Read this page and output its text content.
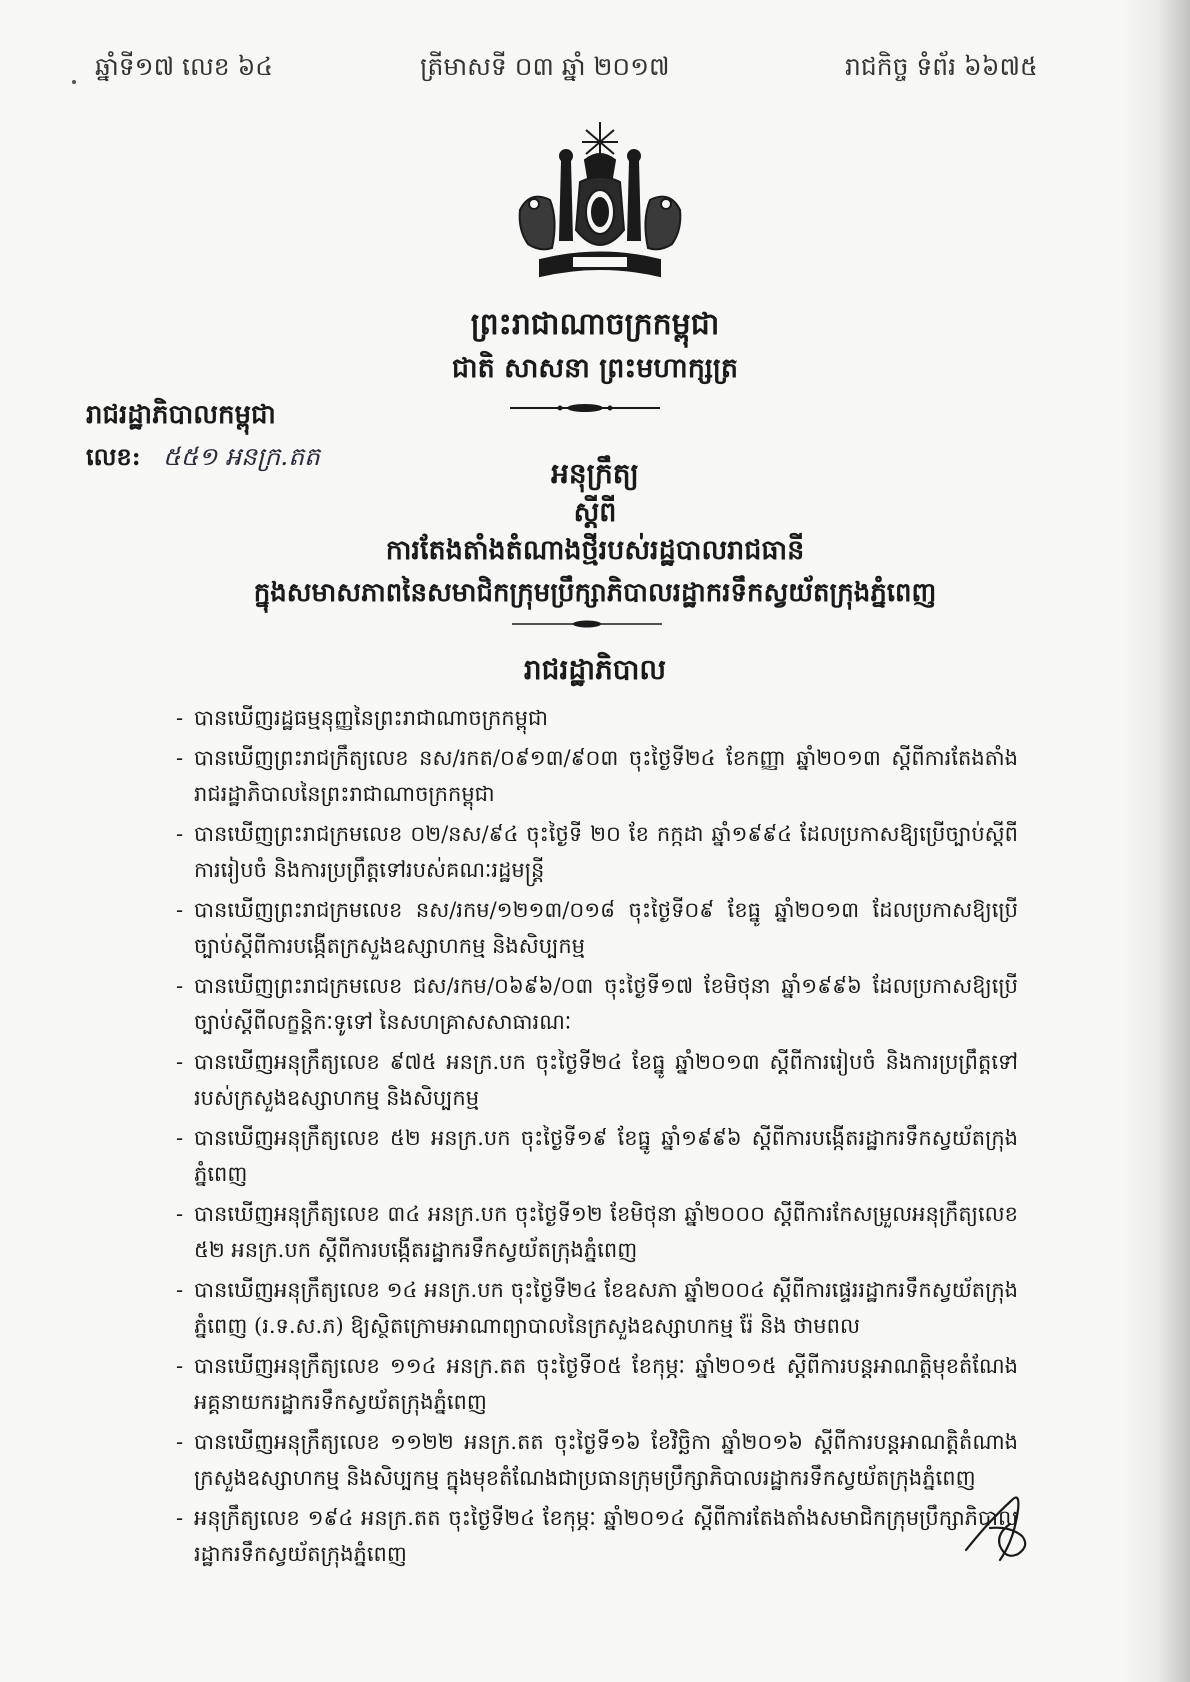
ឆ្នាំទី១៧ លេខ ៦៤	ត្រីមាសទី ០៣ ឆ្នាំ ២០១៧	រាជកិច្ច ទំព័រ ៦៦៧៥
ព្រះរាជាណាចក្រកម្ពុជា
ជាតិ សាសនា ព្រះមហាក្សត្រ
រាជរដ្ឋាភិបាលកម្ពុជា
លេខ: ៥៥១ អនក្រ.តត
អនុក្រឹត្យ
ស្តីពី
ការតែងតាំងតំណាងថ្មីរបស់រដ្ឋបាលរាជធានី
ក្នុងសមាសភាពនៃសមាជិកក្រុមប្រឹក្សាភិបាលរដ្ឋាករទឹកស្វយ័តក្រុងភ្នំពេញ
រាជរដ្ឋាភិបាល
- បានឃើញរដ្ឋធម្មនុញ្ញនៃព្រះរាជាណាចក្រកម្ពុជា
- បានឃើញព្រះរាជក្រឹត្យលេខ នស/រកត/០៩១៣/៩០៣ ចុះថ្ងៃទី២៤ ខែកញ្ញា ឆ្នាំ២០១៣ ស្តីពីការតែងតាំងរាជរដ្ឋាភិបាលនៃព្រះរាជាណាចក្រកម្ពុជា
- បានឃើញព្រះរាជក្រមលេខ ០២/នស/៩៤ ចុះថ្ងៃទី ២០ ខែ កក្កដា ឆ្នាំ១៩៩៤ ដែលប្រកាសឱ្យប្រើច្បាប់ស្តីពីការរៀបចំ និងការប្រព្រឹត្តទៅរបស់គណៈរដ្ឋមន្ត្រី
- បានឃើញព្រះរាជក្រមលេខ នស/រកម/១២១៣/០១៨ ចុះថ្ងៃទី០៩ ខែធ្នូ ឆ្នាំ២០១៣ ដែលប្រកាសឱ្យប្រើច្បាប់ស្តីពីការបង្កើតក្រសួងឧស្សាហកម្ម និងសិប្បកម្ម
- បានឃើញព្រះរាជក្រមលេខ ជស/រកម/០៦៩៦/០៣ ចុះថ្ងៃទី១៧ ខែមិថុនា ឆ្នាំ១៩៩៦ ដែលប្រកាសឱ្យប្រើច្បាប់ស្តីពីលក្ខន្តិកៈទូទៅ នៃសហគ្រាសសាធារណៈ
- បានឃើញអនុក្រឹត្យលេខ ៩៧៥ អនក្រ.បក ចុះថ្ងៃទី២៤ ខែធ្នូ ឆ្នាំ២០១៣ ស្តីពីការរៀបចំ និងការប្រព្រឹត្តទៅរបស់ក្រសួងឧស្សាហកម្ម និងសិប្បកម្ម
- បានឃើញអនុក្រឹត្យលេខ ៥២ អនក្រ.បក ចុះថ្ងៃទី១៩ ខែធ្នូ ឆ្នាំ១៩៩៦ ស្តីពីការបង្កើតរដ្ឋាករទឹកស្វយ័តក្រុងភ្នំពេញ
- បានឃើញអនុក្រឹត្យលេខ ៣៤ អនក្រ.បក ចុះថ្ងៃទី១២ ខែមិថុនា ឆ្នាំ២០០០ ស្តីពីការកែសម្រួលអនុក្រឹត្យលេខ ៥២ អនក្រ.បក ស្តីពីការបង្កើតរដ្ឋាករទឹកស្វយ័តក្រុងភ្នំពេញ
- បានឃើញអនុក្រឹត្យលេខ ១៤ អនក្រ.បក ចុះថ្ងៃទី២៤ ខែឧសភា ឆ្នាំ២០០៤ ស្តីពីការផ្ទេររដ្ឋាករទឹកស្វយ័តក្រុងភ្នំពេញ (រ.ទ.ស.ភ) ឱ្យស្ថិតក្រោមអាណាព្យាបាលនៃក្រសួងឧស្សាហកម្ម រ៉ែ និង ថាមពល
- បានឃើញអនុក្រឹត្យលេខ ១១៤ អនក្រ.តត ចុះថ្ងៃទី០៥ ខែកុម្ភៈ ឆ្នាំ២០១៥ ស្តីពីការបន្តអាណត្តិមុខតំណែងអគ្គនាយករដ្ឋាករទឹកស្វយ័តក្រុងភ្នំពេញ
- បានឃើញអនុក្រឹត្យលេខ ១១២២ អនក្រ.តត ចុះថ្ងៃទី១៦ ខែវិច្ឆិកា ឆ្នាំ២០១៦ ស្តីពីការបន្តអាណត្តិតំណាងក្រសួងឧស្សាហកម្ម និងសិប្បកម្ម ក្នុងមុខតំណែងជាប្រធានក្រុមប្រឹក្សាភិបាលរដ្ឋាករទឹកស្វយ័តក្រុងភ្នំពេញ
- អនុក្រឹត្យលេខ ១៩៤ អនក្រ.តត ចុះថ្ងៃទី២៤ ខែកុម្ភៈ ឆ្នាំ២០១៤ ស្តីពីការតែងតាំងសមាជិកក្រុមប្រឹក្សាភិបាលរដ្ឋាករទឹកស្វយ័តក្រុងភ្នំពេញ
